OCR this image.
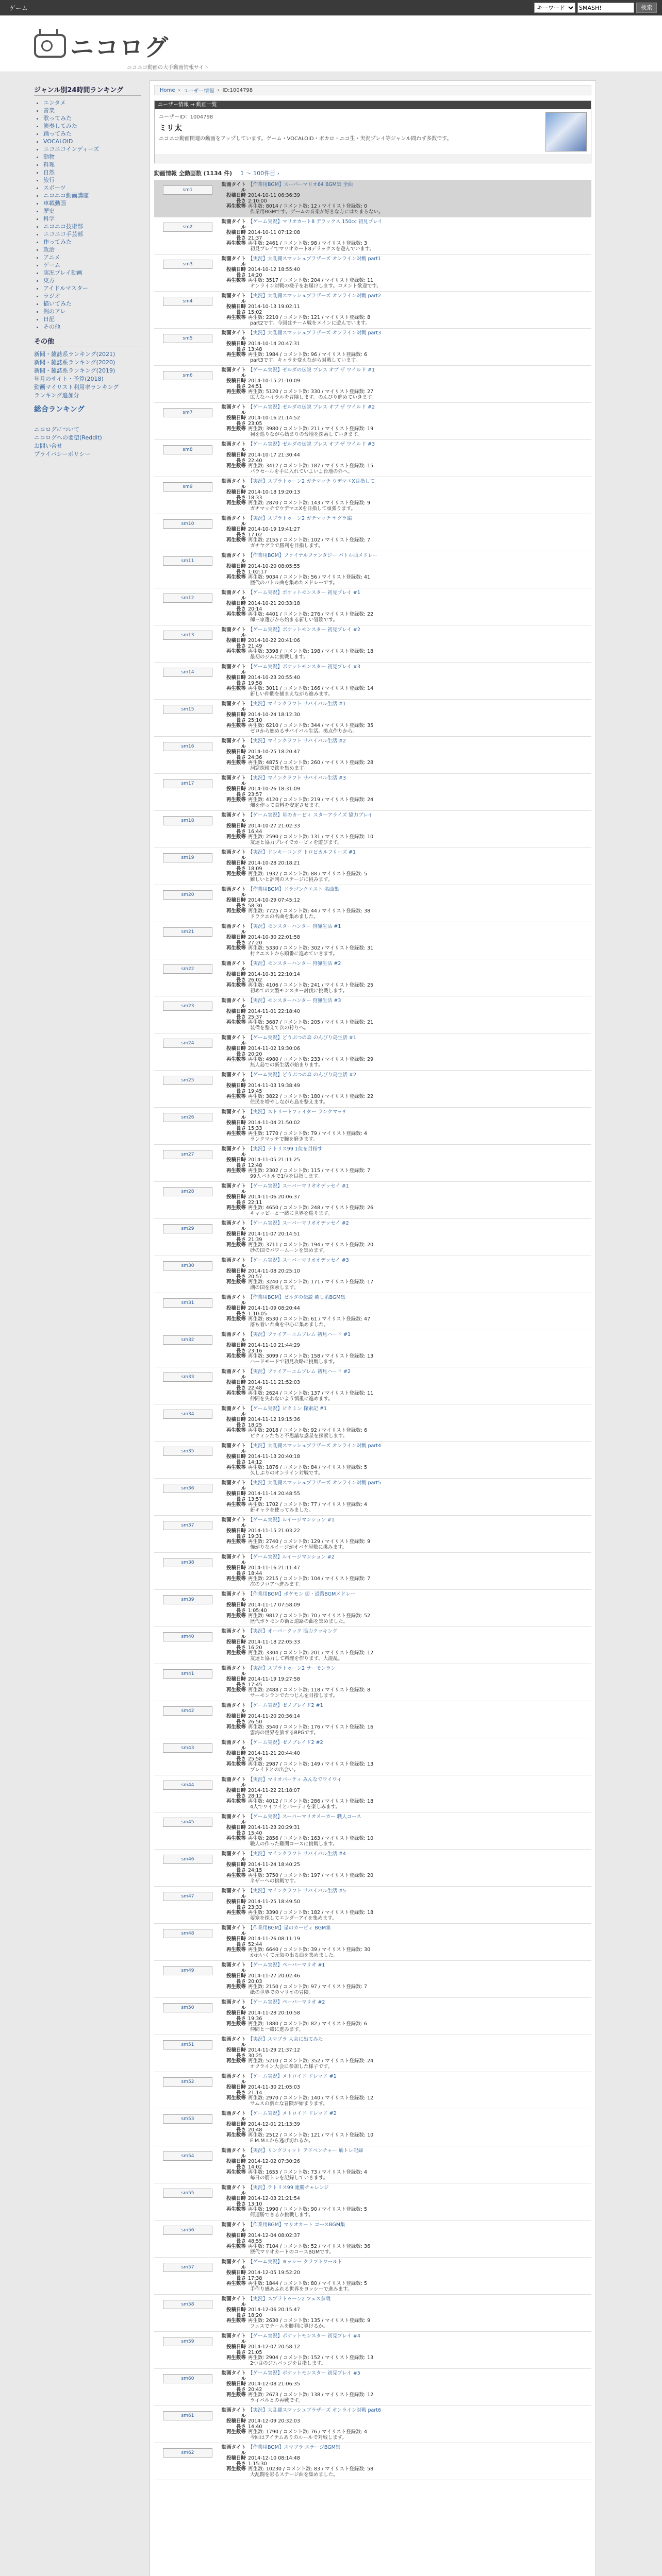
ゲーム
キーワード
SMASH!	検索
ニコログ
ニコニコ動画の大手動画情報サイト
ジャンル別24時間ランキング
• エンタメ
• 音楽
• 歌ってみた
• 演奏してみた
• 踊ってみた
• VOCALOID
• ニコニコインディーズ
• 動物
• 料理
• 自然
• 旅行
• スポーツ
• ニコニコ動画講座
• 車載動画
• 歴史
• 科学
• ニコニコ技術部
• ニコニコ手芸部
• 作ってみた
• 政治
• アニメ
• ゲーム
• 実況プレイ動画
• 東方
• アイドルマスター
• ラジオ
• 描いてみた
• 例のアレ
• 日記
• その他
その他
新聞・雑誌系ランキング(2021)
新聞・雑誌系ランキング(2020)
新聞・雑誌系ランキング(2019)
年月のサイト・予算(2018)
動画マイリスト利用率ランキング
ランキング追加分
総合ランキング
ニコログについて
ニコログへの要望(Reddit)
お問い合せ
プライバシーポリシー
Home › ユーザー情報 › ID:1004798
ユーザー情報 → 動画一覧
ユーザーID：1004798
ミリ太
ニコニコ動画関連の動画をアップしています。ゲーム・VOCALOID・ボカロ・ニコ生・実況プレイ等ジャンル問わず多数です。
動画情報 全動画数 (1134 件) 1 ～ 100件目 ›
sm1
動画タイトル
【作業用BGM】スーパーマリオ64 BGM集 全曲
投稿日時 2014-10-11 06:36:39
長さ 2:10:00
再生数等 再生数: 8014 / コメント数: 12 / マイリスト登録数: 0
作業用BGMです。ゲームの音楽が好きな方にはたまらない。
sm2
動画タイトル
【ゲーム実況】マリオカート8 デラックス 150cc 初見プレイ
投稿日時 2014-10-11 07:12:08
長さ 21:37
再生数等 再生数: 2461 / コメント数: 98 / マイリスト登録数: 3
初見プレイでマリオカート8デラックスを遊んでいます。
sm3
動画タイトル
【実況】大乱闘スマッシュブラザーズ オンライン対戦 part1
投稿日時 2014-10-12 18:55:40
長さ 14:20
再生数等 再生数: 3517 / コメント数: 204 / マイリスト登録数: 11
オンライン対戦の様子をお届けします。コメント歓迎です。
sm4
動画タイトル
【実況】大乱闘スマッシュブラザーズ オンライン対戦 part2
投稿日時 2014-10-13 19:02:11
長さ 15:02
再生数等 再生数: 2210 / コメント数: 121 / マイリスト登録数: 8
part2です。今回はチーム戦をメインに遊んでいます。
sm5
動画タイトル
【実況】大乱闘スマッシュブラザーズ オンライン対戦 part3
投稿日時 2014-10-14 20:47:31
長さ 13:48
再生数等 再生数: 1984 / コメント数: 96 / マイリスト登録数: 6
part3です。キャラを変えながら対戦しています。
sm6
動画タイトル
【ゲーム実況】ゼルダの伝説 ブレス オブ ザ ワイルド #1
投稿日時 2014-10-15 21:10:09
長さ 24:51
再生数等 再生数: 5120 / コメント数: 330 / マイリスト登録数: 27
広大なハイラルを冒険します。のんびり進めていきます。
sm7
動画タイトル
【ゲーム実況】ゼルダの伝説 ブレス オブ ザ ワイルド #2
投稿日時 2014-10-16 21:14:52
長さ 23:05
再生数等 再生数: 3980 / コメント数: 211 / マイリスト登録数: 19
祠を巡りながら始まりの台地を探索していきます。
sm8
動画タイトル
【ゲーム実況】ゼルダの伝説 ブレス オブ ザ ワイルド #3
投稿日時 2014-10-17 21:30:44
長さ 22:40
再生数等 再生数: 3412 / コメント数: 187 / マイリスト登録数: 15
パラセールを手に入れていよいよ台地の外へ。
sm9
動画タイトル
【実況】スプラトゥーン2 ガチマッチ ウデマエX目指して
投稿日時 2014-10-18 19:20:13
長さ 18:33
再生数等 再生数: 2870 / コメント数: 143 / マイリスト登録数: 9
ガチマッチでウデマエXを目指して頑張ります。
sm10
動画タイトル
【実況】スプラトゥーン2 ガチマッチ ヤグラ編
投稿日時 2014-10-19 19:41:27
長さ 17:02
再生数等 再生数: 2155 / コメント数: 102 / マイリスト登録数: 7
ガチヤグラで勝利を目指します。
sm11
動画タイトル
【作業用BGM】ファイナルファンタジー バトル曲メドレー
投稿日時 2014-10-20 08:05:55
長さ 1:02:17
再生数等 再生数: 9034 / コメント数: 56 / マイリスト登録数: 41
歴代のバトル曲を集めたメドレーです。
sm12
動画タイトル
【ゲーム実況】ポケットモンスター 初見プレイ #1
投稿日時 2014-10-21 20:33:18
長さ 20:14
再生数等 再生数: 4401 / コメント数: 276 / マイリスト登録数: 22
御三家選びから始まる新しい冒険です。
sm13
動画タイトル
【ゲーム実況】ポケットモンスター 初見プレイ #2
投稿日時 2014-10-22 20:41:06
長さ 21:49
再生数等 再生数: 3398 / コメント数: 198 / マイリスト登録数: 18
最初のジムに挑戦します。
sm14
動画タイトル
【ゲーム実況】ポケットモンスター 初見プレイ #3
投稿日時 2014-10-23 20:55:40
長さ 19:58
再生数等 再生数: 3011 / コメント数: 166 / マイリスト登録数: 14
新しい仲間を捕まえながら進みます。
sm15
動画タイトル
【実況】マインクラフト サバイバル生活 #1
投稿日時 2014-10-24 18:12:30
長さ 25:10
再生数等 再生数: 6210 / コメント数: 344 / マイリスト登録数: 35
ゼロから始めるサバイバル生活。拠点作りから。
sm16
動画タイトル
【実況】マインクラフト サバイバル生活 #2
投稿日時 2014-10-25 18:20:47
長さ 24:36
再生数等 再生数: 4875 / コメント数: 260 / マイリスト登録数: 28
洞窟探検で鉄を集めます。
sm17
動画タイトル
【実況】マインクラフト サバイバル生活 #3
投稿日時 2014-10-26 18:31:09
長さ 23:57
再生数等 再生数: 4120 / コメント数: 219 / マイリスト登録数: 24
畑を作って食料を安定させます。
sm18
動画タイトル
【ゲーム実況】星のカービィ スターアライズ 協力プレイ
投稿日時 2014-10-27 21:02:33
長さ 16:44
再生数等 再生数: 2590 / コメント数: 131 / マイリスト登録数: 10
友達と協力プレイでカービィを遊びます。
sm19
動画タイトル
【実況】ドンキーコング トロピカルフリーズ #1
投稿日時 2014-10-28 20:18:21
長さ 18:09
再生数等 再生数: 1932 / コメント数: 88 / マイリスト登録数: 5
難しいと評判のステージに挑みます。
sm20
動画タイトル
【作業用BGM】ドラゴンクエスト 名曲集
投稿日時 2014-10-29 07:45:12
長さ 58:30
再生数等 再生数: 7725 / コメント数: 44 / マイリスト登録数: 38
ドラクエの名曲を集めました。
sm21
動画タイトル
【実況】モンスターハンター 狩猟生活 #1
投稿日時 2014-10-30 22:01:58
長さ 27:20
再生数等 再生数: 5330 / コメント数: 302 / マイリスト登録数: 31
村クエストから順番に進めていきます。
sm22
動画タイトル
【実況】モンスターハンター 狩猟生活 #2
投稿日時 2014-10-31 22:10:14
長さ 26:02
再生数等 再生数: 4106 / コメント数: 241 / マイリスト登録数: 25
初めての大型モンスター討伐に挑戦します。
sm23
動画タイトル
【実況】モンスターハンター 狩猟生活 #3
投稿日時 2014-11-01 22:18:40
長さ 25:37
再生数等 再生数: 3687 / コメント数: 205 / マイリスト登録数: 21
装備を整えて次の狩りへ。
sm24
動画タイトル
【ゲーム実況】どうぶつの森 のんびり島生活 #1
投稿日時 2014-11-02 19:30:06
長さ 20:20
再生数等 再生数: 4980 / コメント数: 233 / マイリスト登録数: 29
無人島での新生活が始まります。
sm25
動画タイトル
【ゲーム実況】どうぶつの森 のんびり島生活 #2
投稿日時 2014-11-03 19:38:49
長さ 19:45
再生数等 再生数: 3822 / コメント数: 180 / マイリスト登録数: 22
住民を増やしながら島を整えます。
sm26
動画タイトル
【実況】ストリートファイター ランクマッチ
投稿日時 2014-11-04 21:50:02
長さ 15:33
再生数等 再生数: 1770 / コメント数: 79 / マイリスト登録数: 4
ランクマッチで腕を磨きます。
sm27
動画タイトル
【実況】テトリス99 1位を目指す
投稿日時 2014-11-05 21:11:25
長さ 12:48
再生数等 再生数: 2302 / コメント数: 115 / マイリスト登録数: 7
99人バトルで1位を目指します。
sm28
動画タイトル
【ゲーム実況】スーパーマリオオデッセイ #1
投稿日時 2014-11-06 20:06:37
長さ 22:11
再生数等 再生数: 4650 / コメント数: 248 / マイリスト登録数: 26
キャッピーと一緒に世界を巡ります。
sm29
動画タイトル
【ゲーム実況】スーパーマリオオデッセイ #2
投稿日時 2014-11-07 20:14:51
長さ 21:39
再生数等 再生数: 3711 / コメント数: 194 / マイリスト登録数: 20
砂の国でパワームーンを集めます。
sm30
動画タイトル
【ゲーム実況】スーパーマリオオデッセイ #3
投稿日時 2014-11-08 20:25:10
長さ 20:57
再生数等 再生数: 3240 / コメント数: 171 / マイリスト登録数: 17
湖の国を探索します。
sm31
動画タイトル
【作業用BGM】ゼルダの伝説 癒し系BGM集
投稿日時 2014-11-09 08:20:44
長さ 1:10:05
再生数等 再生数: 8530 / コメント数: 61 / マイリスト登録数: 47
落ち着いた曲を中心に集めました。
sm32
動画タイトル
【実況】ファイアーエムブレム 初見ハード #1
投稿日時 2014-11-10 21:44:29
長さ 23:16
再生数等 再生数: 3099 / コメント数: 158 / マイリスト登録数: 13
ハードモードで初見攻略に挑戦します。
sm33
動画タイトル
【実況】ファイアーエムブレム 初見ハード #2
投稿日時 2014-11-11 21:52:03
長さ 22:48
再生数等 再生数: 2624 / コメント数: 137 / マイリスト登録数: 11
仲間を失わないよう慎重に進めます。
sm34
動画タイトル
【ゲーム実況】ピクミン 探索記 #1
投稿日時 2014-11-12 19:15:36
長さ 18:25
再生数等 再生数: 2018 / コメント数: 92 / マイリスト登録数: 6
ピクミンたちと不思議な惑星を探索します。
sm35
動画タイトル
【実況】大乱闘スマッシュブラザーズ オンライン対戦 part4
投稿日時 2014-11-13 20:40:18
長さ 14:12
再生数等 再生数: 1876 / コメント数: 84 / マイリスト登録数: 5
久しぶりのオンライン対戦です。
sm36
動画タイトル
【実況】大乱闘スマッシュブラザーズ オンライン対戦 part5
投稿日時 2014-11-14 20:48:55
長さ 13:57
再生数等 再生数: 1702 / コメント数: 77 / マイリスト登録数: 4
新キャラを使ってみました。
sm37
動画タイトル
【ゲーム実況】ルイージマンション #1
投稿日時 2014-11-15 21:03:22
長さ 19:31
再生数等 再生数: 2740 / コメント数: 129 / マイリスト登録数: 9
怖がりなルイージがオバケ屋敷に挑みます。
sm38
動画タイトル
【ゲーム実況】ルイージマンション #2
投稿日時 2014-11-16 21:11:47
長さ 18:44
再生数等 再生数: 2215 / コメント数: 104 / マイリスト登録数: 7
次のフロアへ進みます。
sm39
動画タイトル
【作業用BGM】ポケモン 街・道路BGMメドレー
投稿日時 2014-11-17 07:58:09
長さ 1:05:40
再生数等 再生数: 9812 / コメント数: 70 / マイリスト登録数: 52
歴代ポケモンの街と道路の曲を集めました。
sm40
動画タイトル
【実況】オーバークック 協力クッキング
投稿日時 2014-11-18 22:05:33
長さ 16:20
再生数等 再生数: 3304 / コメント数: 201 / マイリスト登録数: 12
友達と協力して料理を作ります。大混乱。
sm41
動画タイトル
【実況】スプラトゥーン2 サーモンラン
投稿日時 2014-11-19 19:27:58
長さ 17:45
再生数等 再生数: 2488 / コメント数: 118 / マイリスト登録数: 8
サーモンランでたつじんを目指します。
sm42
動画タイトル
【ゲーム実況】ゼノブレイド2 #1
投稿日時 2014-11-20 20:36:14
長さ 26:50
再生数等 再生数: 3540 / コメント数: 176 / マイリスト登録数: 16
雲海の世界を旅するRPGです。
sm43
動画タイトル
【ゲーム実況】ゼノブレイド2 #2
投稿日時 2014-11-21 20:44:40
長さ 25:58
再生数等 再生数: 2987 / コメント数: 149 / マイリスト登録数: 13
ブレイドとの出会い。
sm44
動画タイトル
【実況】マリオパーティ みんなでワイワイ
投稿日時 2014-11-22 21:18:07
長さ 28:12
再生数等 再生数: 4012 / コメント数: 286 / マイリスト登録数: 18
4人でワイワイとパーティを楽しみます。
sm45
動画タイトル
【ゲーム実況】スーパーマリオメーカー 職人コース
投稿日時 2014-11-23 20:29:31
長さ 15:40
再生数等 再生数: 2856 / コメント数: 163 / マイリスト登録数: 10
職人の作った難関コースに挑戦します。
sm46
動画タイトル
【実況】マインクラフト サバイバル生活 #4
投稿日時 2014-11-24 18:40:25
長さ 24:15
再生数等 再生数: 3750 / コメント数: 197 / マイリスト登録数: 20
ネザーへの挑戦です。
sm47
動画タイトル
【実況】マインクラフト サバイバル生活 #5
投稿日時 2014-11-25 18:49:50
長さ 23:33
再生数等 再生数: 3390 / コメント数: 182 / マイリスト登録数: 18
要塞を探してエンダーアイを集めます。
sm48
動画タイトル
【作業用BGM】星のカービィ BGM集
投稿日時 2014-11-26 08:11:19
長さ 52:44
再生数等 再生数: 6640 / コメント数: 39 / マイリスト登録数: 30
かわいくて元気の出る曲を集めました。
sm49
動画タイトル
【ゲーム実況】ペーパーマリオ #1
投稿日時 2014-11-27 20:02:46
長さ 20:03
再生数等 再生数: 2150 / コメント数: 97 / マイリスト登録数: 7
紙の世界でのマリオの冒険。
sm50
動画タイトル
【ゲーム実況】ペーパーマリオ #2
投稿日時 2014-11-28 20:10:58
長さ 19:36
再生数等 再生数: 1880 / コメント数: 82 / マイリスト登録数: 6
仲間と一緒に進みます。
sm51
動画タイトル
【実況】スマブラ 大会に出てみた
投稿日時 2014-11-29 21:37:12
長さ 30:25
再生数等 再生数: 5210 / コメント数: 352 / マイリスト登録数: 24
オフライン大会に参加した様子です。
sm52
動画タイトル
【ゲーム実況】メトロイド ドレッド #1
投稿日時 2014-11-30 21:05:03
長さ 21:14
再生数等 再生数: 2970 / コメント数: 140 / マイリスト登録数: 12
サムスの新たな冒険が始まります。
sm53
動画タイトル
【ゲーム実況】メトロイド ドレッド #2
投稿日時 2014-12-01 21:13:39
長さ 20:48
再生数等 再生数: 2512 / コメント数: 121 / マイリスト登録数: 10
E.M.M.I.から逃げ切れるか。
sm54
動画タイトル
【実況】リングフィット アドベンチャー 筋トレ記録
投稿日時 2014-12-02 07:30:26
長さ 14:02
再生数等 再生数: 1655 / コメント数: 73 / マイリスト登録数: 4
毎日の筋トレを記録していきます。
sm55
動画タイトル
【実況】テトリス99 連勝チャレンジ
投稿日時 2014-12-03 21:21:54
長さ 13:10
再生数等 再生数: 1990 / コメント数: 90 / マイリスト登録数: 5
何連勝できるか挑戦します。
sm56
動画タイトル
【作業用BGM】マリオカート コースBGM集
投稿日時 2014-12-04 08:02:37
長さ 48:55
再生数等 再生数: 7104 / コメント数: 52 / マイリスト登録数: 36
歴代マリオカートのコースBGMです。
sm57
動画タイトル
【ゲーム実況】ヨッシー クラフトワールド
投稿日時 2014-12-05 19:52:20
長さ 17:38
再生数等 再生数: 1844 / コメント数: 80 / マイリスト登録数: 5
手作り感あふれる世界をヨッシーで進みます。
sm58
動画タイトル
【実況】スプラトゥーン2 フェス参戦
投稿日時 2014-12-06 20:15:47
長さ 18:20
再生数等 再生数: 2630 / コメント数: 135 / マイリスト登録数: 9
フェスでチームを勝利に導けるか。
sm59
動画タイトル
【ゲーム実況】ポケットモンスター 初見プレイ #4
投稿日時 2014-12-07 20:58:12
長さ 21:05
再生数等 再生数: 2904 / コメント数: 152 / マイリスト登録数: 13
2つ目のジムバッジを目指します。
sm60
動画タイトル
【ゲーム実況】ポケットモンスター 初見プレイ #5
投稿日時 2014-12-08 21:06:35
長さ 20:42
再生数等 再生数: 2673 / コメント数: 138 / マイリスト登録数: 12
ライバルとの再戦です。
sm61
動画タイトル
【実況】大乱闘スマッシュブラザーズ オンライン対戦 part6
投稿日時 2014-12-09 20:32:03
長さ 14:40
再生数等 再生数: 1790 / コメント数: 76 / マイリスト登録数: 4
今回はアイテムありのルールで対戦します。
sm62
動画タイトル
【作業用BGM】スマブラ ステージBGM集
投稿日時 2014-12-10 08:14:48
長さ 1:15:30
再生数等 再生数: 10230 / コメント数: 83 / マイリスト登録数: 58
大乱闘を彩るステージ曲を集めました。
